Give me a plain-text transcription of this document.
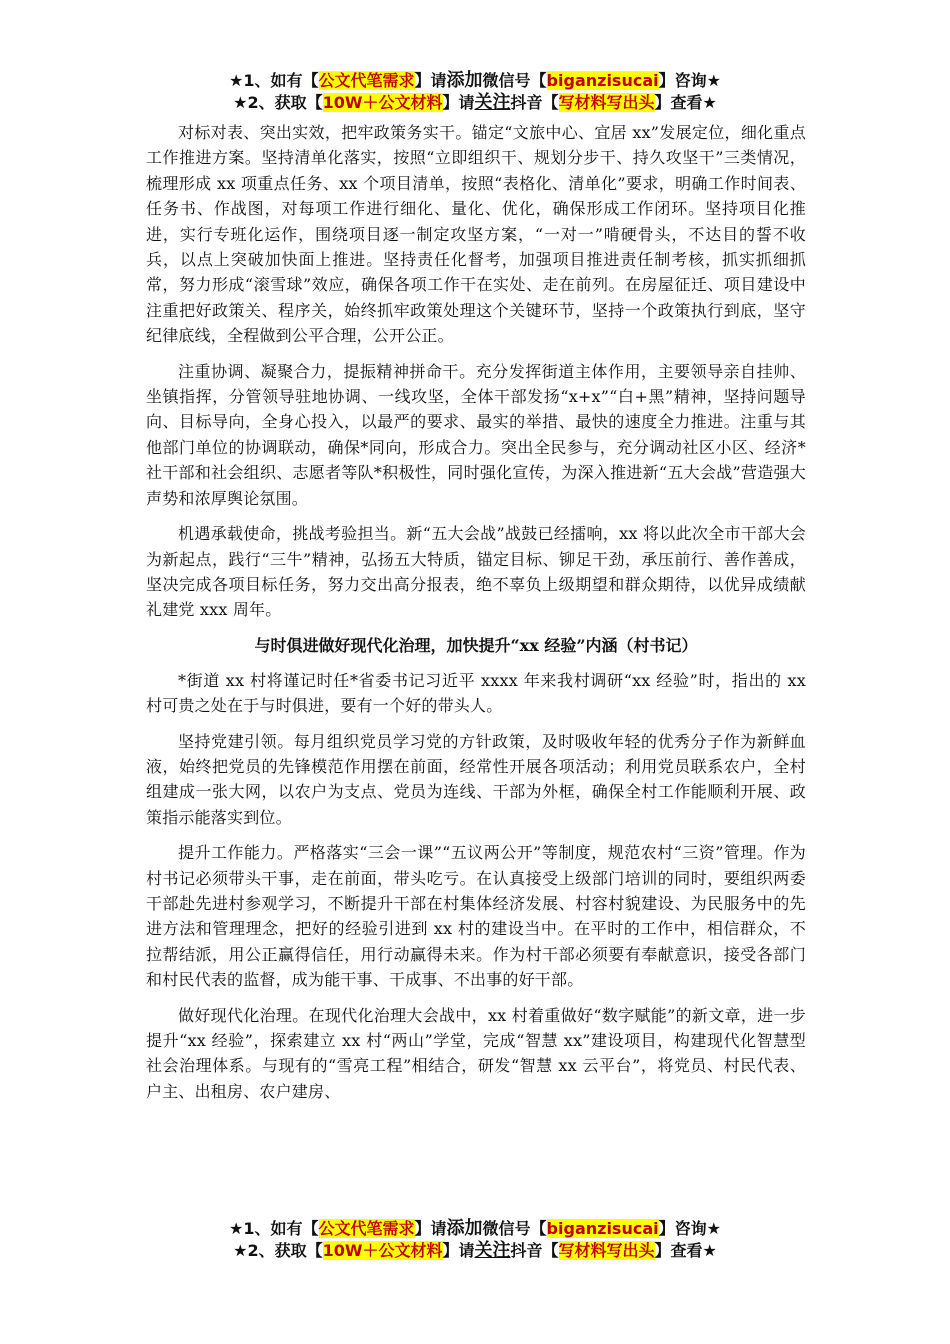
★1、如有【公文代笔需求】请添加微信号【biganzisucai】咨询★
★2、获取【10W＋公文材料】请关注抖音【写材料写出头】查看★

对标对表、突出实效，把牢政策务实干。锚定“文旅中心、宜居 xx”发展定位，细化重点工作推进方案。坚持清单化落实，按照“立即组织干、规划分步干、持久攻坚干”三类情况，梳理形成 xx 项重点任务、xx 个项目清单，按照“表格化、清单化”要求，明确工作时间表、任务书、作战图，对每项工作进行细化、量化、优化，确保形成工作闭环。坚持项目化推进，实行专班化运作，围绕项目逐一制定攻坚方案，“一对一”啃硬骨头，不达目的誓不收兵，以点上突破加快面上推进。坚持责任化督考，加强项目推进责任制考核，抓实抓细抓常，努力形成“滚雪球”效应，确保各项工作干在实处、走在前列。在房屋征迁、项目建设中注重把好政策关、程序关，始终抓牢政策处理这个关键环节，坚持一个政策执行到底，坚守纪律底线，全程做到公平合理，公开公正。

注重协调、凝聚合力，提振精神拼命干。充分发挥街道主体作用，主要领导亲自挂帅、坐镇指挥，分管领导驻地协调、一线攻坚，全体干部发扬“x+x”“白+黑”精神，坚持问题导向、目标导向，全身心投入，以最严的要求、最实的举措、最快的速度全力推进。注重与其他部门单位的协调联动，确保*同向，形成合力。突出全民参与，充分调动社区小区、经济*社干部和社会组织、志愿者等队*积极性，同时强化宣传，为深入推进新“五大会战”营造强大声势和浓厚舆论氛围。

机遇承载使命，挑战考验担当。新“五大会战”战鼓已经擂响，xx 将以此次全市干部大会为新起点，践行“三牛”精神，弘扬五大特质，锚定目标、铆足干劲，承压前行、善作善成，坚决完成各项目标任务，努力交出高分报表，绝不辜负上级期望和群众期待，以优异成绩献礼建党 xxx 周年。

与时俱进做好现代化治理，加快提升“xx 经验”内涵（村书记）

*街道 xx 村将谨记时任*省委书记习近平 xxxx 年来我村调研“xx 经验”时，指出的 xx 村可贵之处在于与时俱进，要有一个好的带头人。

坚持党建引领。每月组织党员学习党的方针政策，及时吸收年轻的优秀分子作为新鲜血液，始终把党员的先锋模范作用摆在前面，经常性开展各项活动；利用党员联系农户，全村组建成一张大网，以农户为支点、党员为连线、干部为外框，确保全村工作能顺利开展、政策指示能落实到位。

提升工作能力。严格落实“三会一课”“五议两公开”等制度，规范农村“三资”管理。作为村书记必须带头干事，走在前面，带头吃亏。在认真接受上级部门培训的同时，要组织两委干部赴先进村参观学习，不断提升干部在村集体经济发展、村容村貌建设、为民服务中的先进方法和管理理念，把好的经验引进到 xx 村的建设当中。在平时的工作中，相信群众，不拉帮结派，用公正赢得信任，用行动赢得未来。作为村干部必须要有奉献意识，接受各部门和村民代表的监督，成为能干事、干成事、不出事的好干部。

做好现代化治理。在现代化治理大会战中，xx 村着重做好“数字赋能”的新文章，进一步提升“xx 经验”，探索建立 xx 村“两山”学堂，完成“智慧 xx”建设项目，构建现代化智慧型社会治理体系。与现有的“雪亮工程”相结合，研发“智慧 xx 云平台”，将党员、村民代表、户主、出租房、农户建房、

★1、如有【公文代笔需求】请添加微信号【biganzisucai】咨询★
★2、获取【10W＋公文材料】请关注抖音【写材料写出头】查看★
